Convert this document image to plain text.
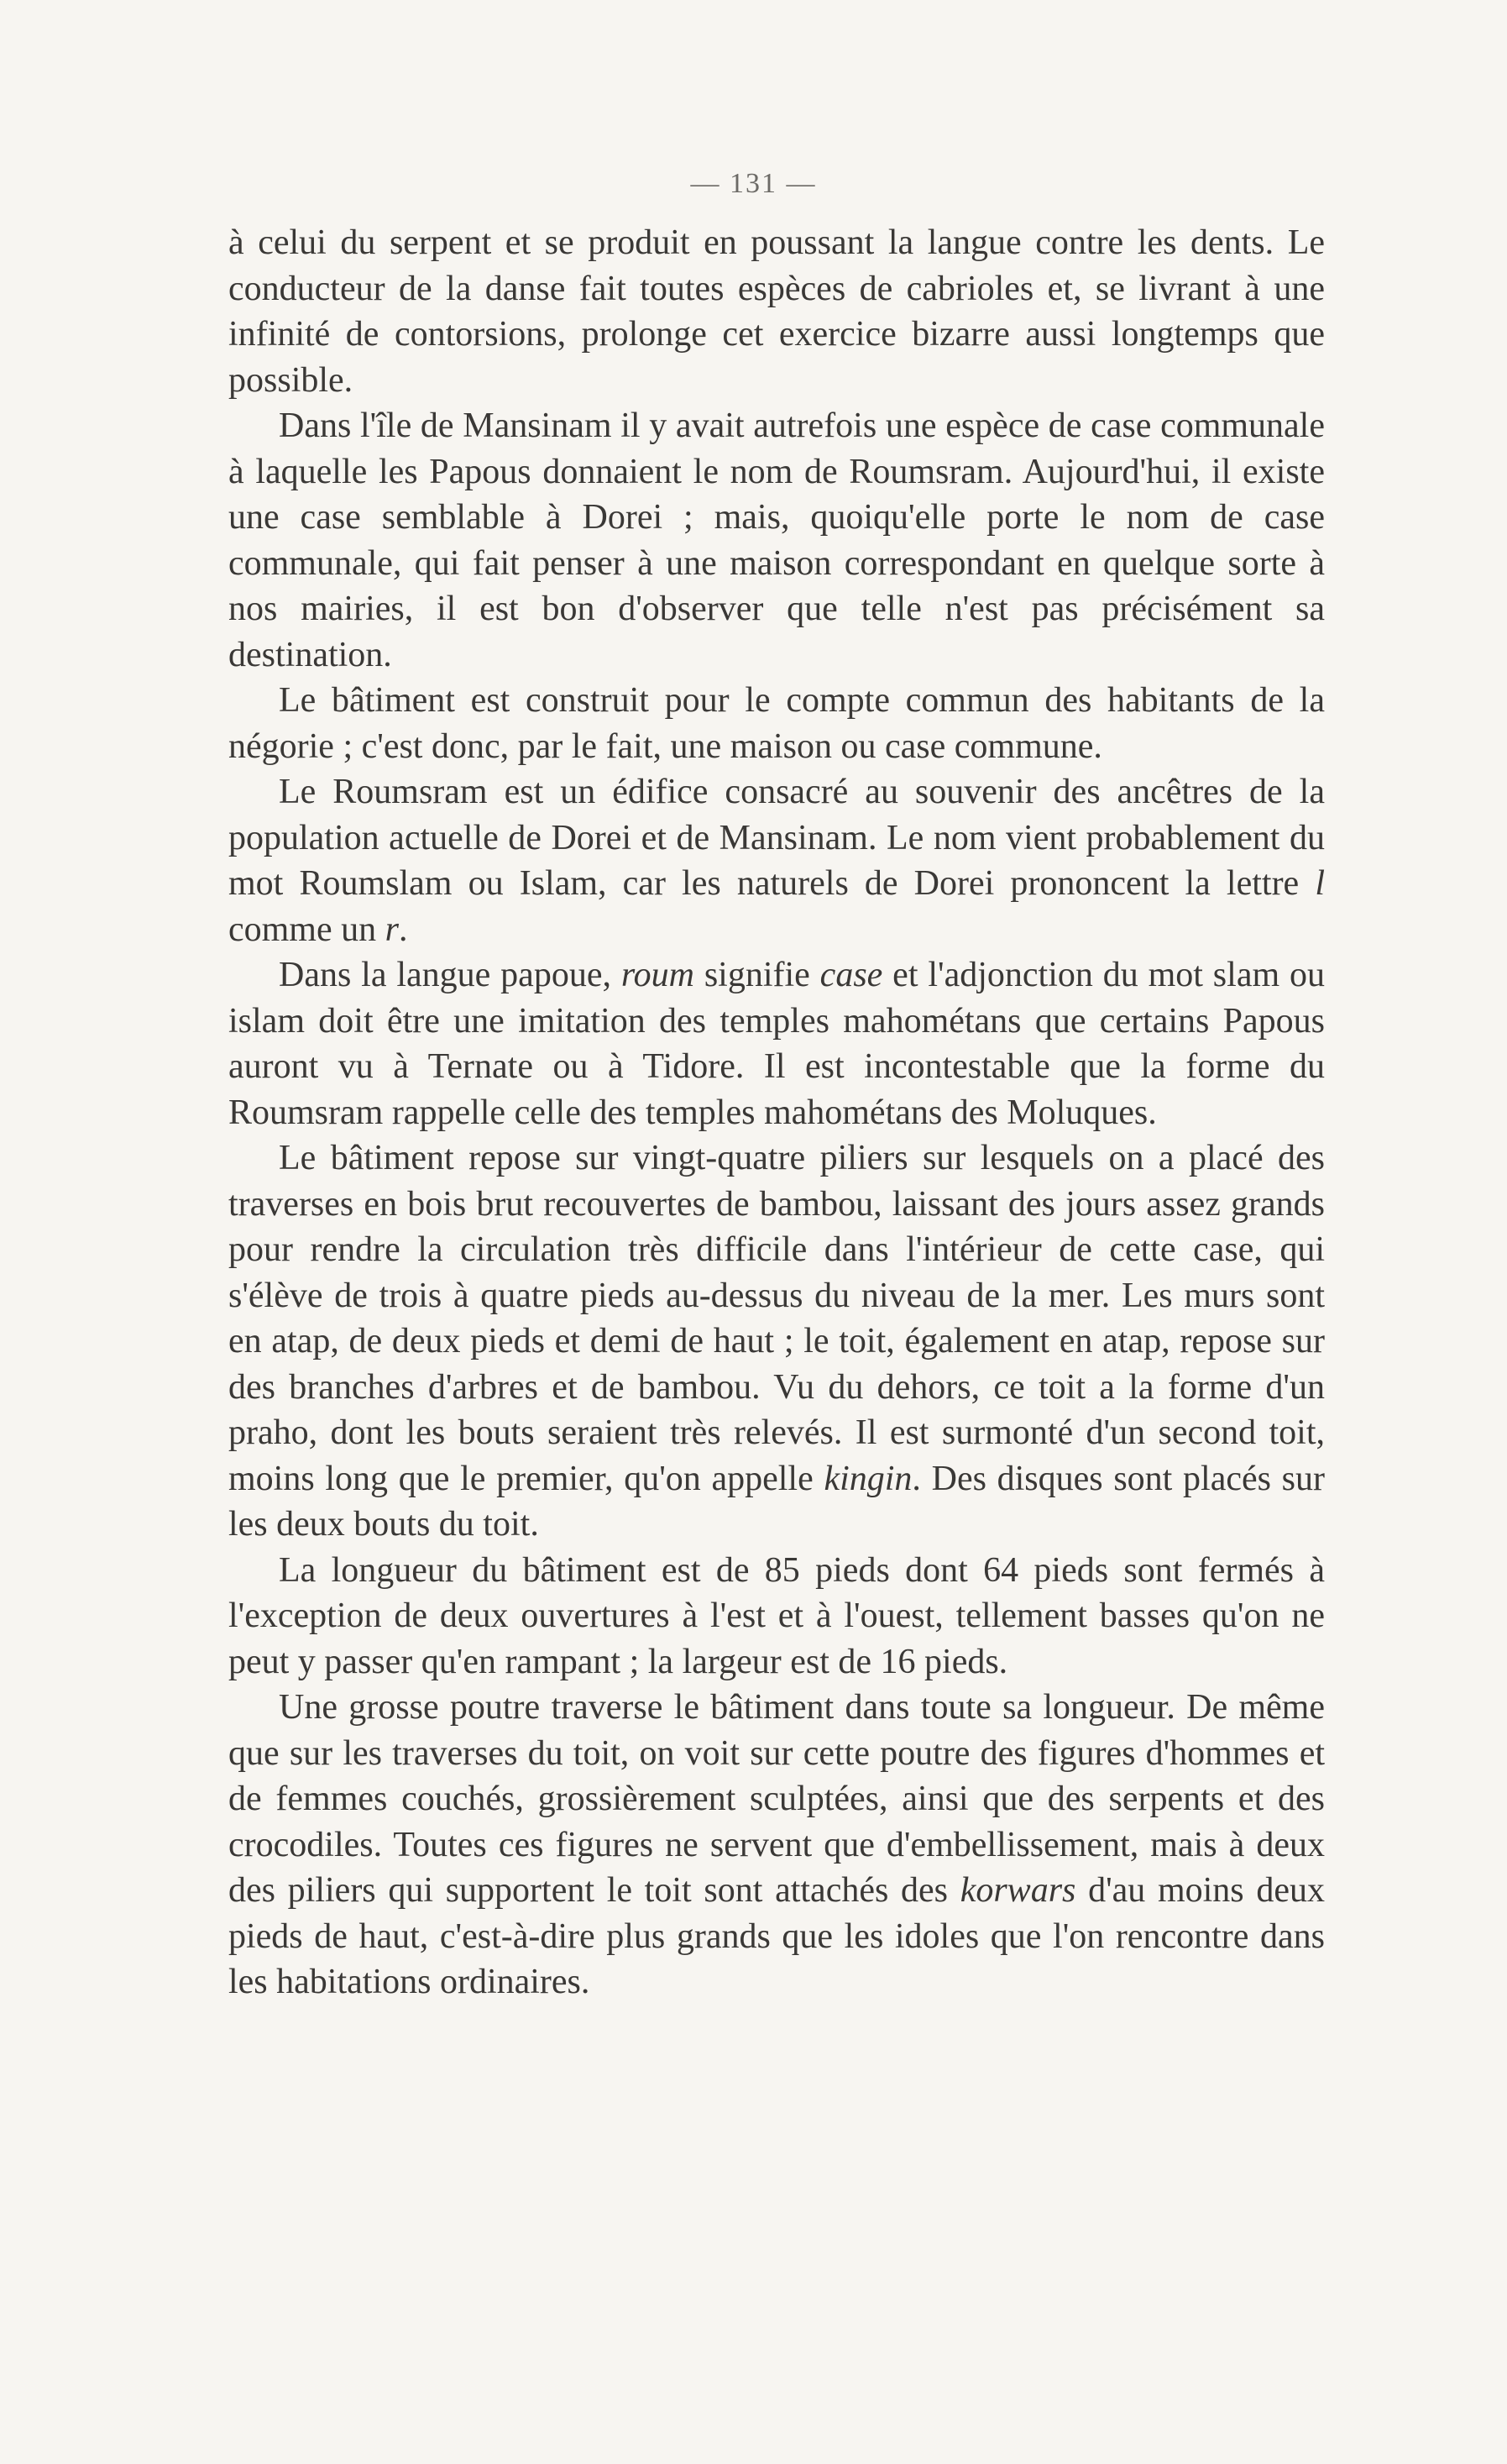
— 131 —

à celui du serpent et se produit en poussant la langue contre les dents. Le conducteur de la danse fait toutes espèces de cabrioles et, se livrant à une infinité de contorsions, prolonge cet exercice bizarre aussi longtemps que possible.

Dans l'île de Mansinam il y avait autrefois une espèce de case communale à laquelle les Papous donnaient le nom de Roumsram. Aujourd'hui, il existe une case semblable à Dorei ; mais, quoiqu'elle porte le nom de case communale, qui fait penser à une maison correspondant en quelque sorte à nos mairies, il est bon d'observer que telle n'est pas précisément sa destination.

Le bâtiment est construit pour le compte commun des habitants de la négorie ; c'est donc, par le fait, une maison ou case commune.

Le Roumsram est un édifice consacré au souvenir des ancêtres de la population actuelle de Dorei et de Mansinam. Le nom vient probablement du mot Roumslam ou Islam, car les naturels de Dorei prononcent la lettre l comme un r.

Dans la langue papoue, roum signifie case et l'adjonction du mot slam ou islam doit être une imitation des temples mahométans que certains Papous auront vu à Ternate ou à Tidore. Il est incontestable que la forme du Roumsram rappelle celle des temples mahométans des Moluques.

Le bâtiment repose sur vingt-quatre piliers sur lesquels on a placé des traverses en bois brut recouvertes de bambou, laissant des jours assez grands pour rendre la circulation très difficile dans l'intérieur de cette case, qui s'élève de trois à quatre pieds au-dessus du niveau de la mer. Les murs sont en atap, de deux pieds et demi de haut ; le toit, également en atap, repose sur des branches d'arbres et de bambou. Vu du dehors, ce toit a la forme d'un praho, dont les bouts seraient très relevés. Il est surmonté d'un second toit, moins long que le premier, qu'on appelle kingin. Des disques sont placés sur les deux bouts du toit.

La longueur du bâtiment est de 85 pieds dont 64 pieds sont fermés à l'exception de deux ouvertures à l'est et à l'ouest, tellement basses qu'on ne peut y passer qu'en rampant ; la largeur est de 16 pieds.

Une grosse poutre traverse le bâtiment dans toute sa longueur. De même que sur les traverses du toit, on voit sur cette poutre des figures d'hommes et de femmes couchés, grossièrement sculptées, ainsi que des serpents et des crocodiles. Toutes ces figures ne servent que d'embellissement, mais à deux des piliers qui supportent le toit sont attachés des korwars d'au moins deux pieds de haut, c'est-à-dire plus grands que les idoles que l'on rencontre dans les habitations ordinaires.
